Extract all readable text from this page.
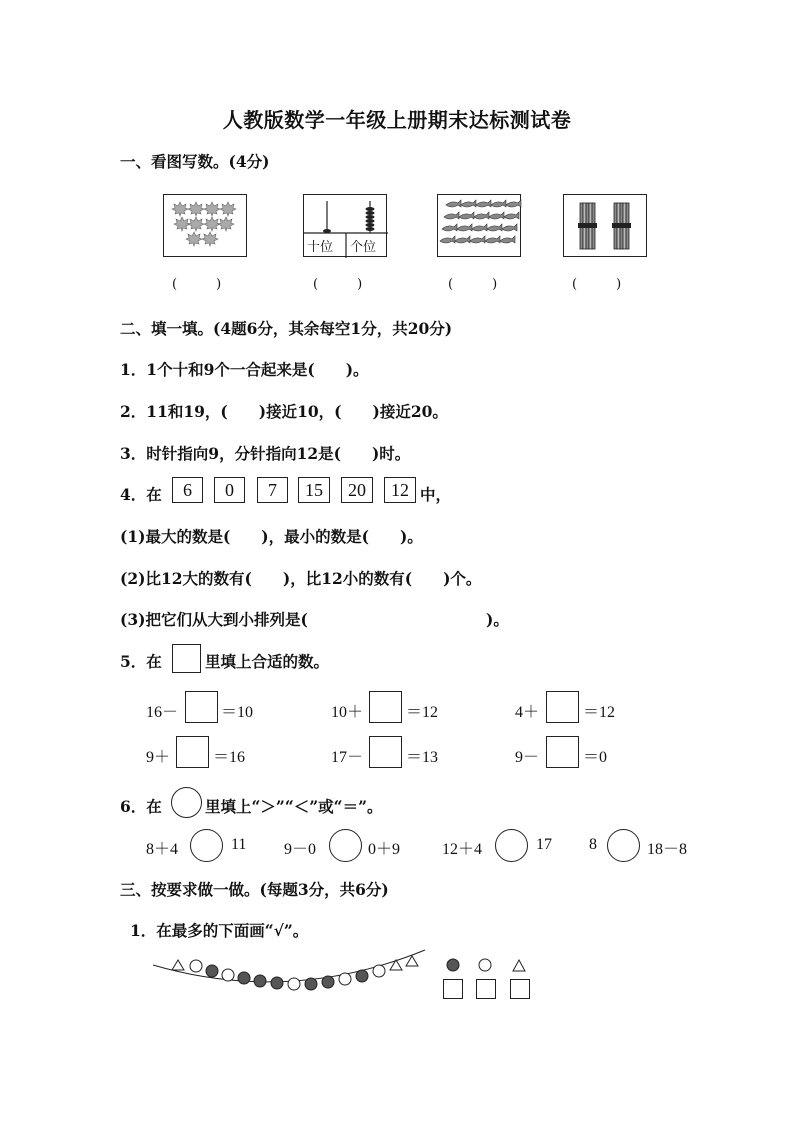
人教版数学一年级上册期末达标测试卷
一、看图写数。(4分)
十位 个位
(　　　)	(　　　)	(　　　)	(　　　)
二、填一填。(4题6分，其余每空1分，共20分)
1．1个十和9个一合起来是(　　)。
2．11和19，(　　)接近10，(　　)接近20。
3．时针指向9，分针指向12是(　　)时。
4．在	6	0	7	15	20	12 中，
(1)最大的数是(　　)，最小的数是(　　)。
(2)比12大的数有(　　)，比12小的数有(　　)个。
(3)把它们从大到小排列是(	)。
5．在	里填上合适的数。
16－	＝10	10＋	＝12	4＋	＝12
9＋	＝16	17－	＝13	9－	＝0
6．在	里填上“＞”“＜”或“＝”。
8＋4	11 9－0	0＋9	12＋4	17 8	18－8
三、按要求做一做。(每题3分，共6分)
1．在最多的下面画“√”。
